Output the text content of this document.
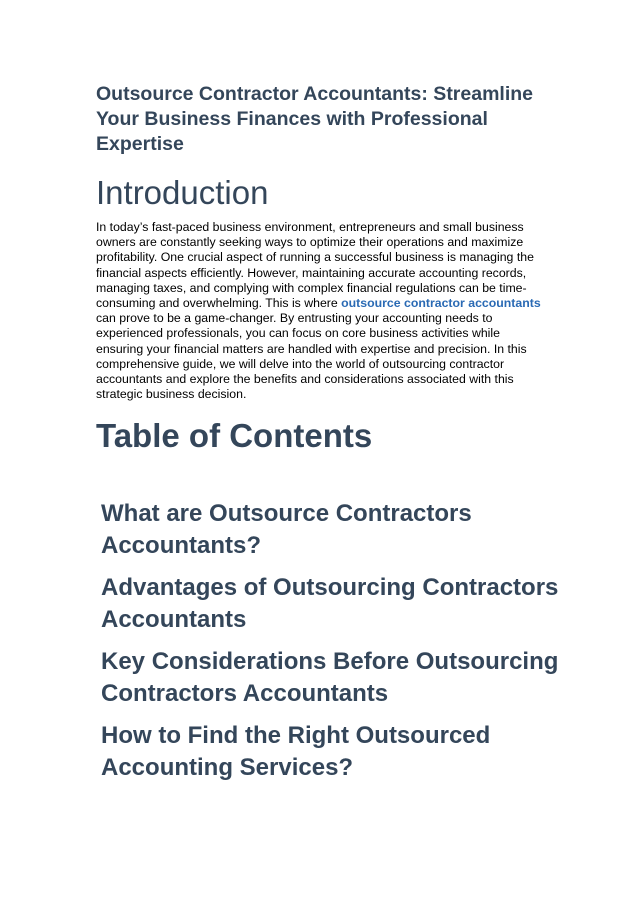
Outsource Contractor Accountants: Streamline Your Business Finances with Professional Expertise
Introduction

In today’s fast-paced business environment, entrepreneurs and small business owners are constantly seeking ways to optimize their operations and maximize profitability. One crucial aspect of running a successful business is managing the financial aspects efficiently. However, maintaining accurate accounting records, managing taxes, and complying with complex financial regulations can be time-consuming and overwhelming. This is where outsource contractor accountants can prove to be a game-changer. By entrusting your accounting needs to experienced professionals, you can focus on core business activities while ensuring your financial matters are handled with expertise and precision. In this comprehensive guide, we will delve into the world of outsourcing contractor accountants and explore the benefits and considerations associated with this strategic business decision.

Table of Contents
What are Outsource Contractors Accountants?
Advantages of Outsourcing Contractors Accountants
Key Considerations Before Outsourcing Contractors Accountants
How to Find the Right Outsourced Accounting Services?
